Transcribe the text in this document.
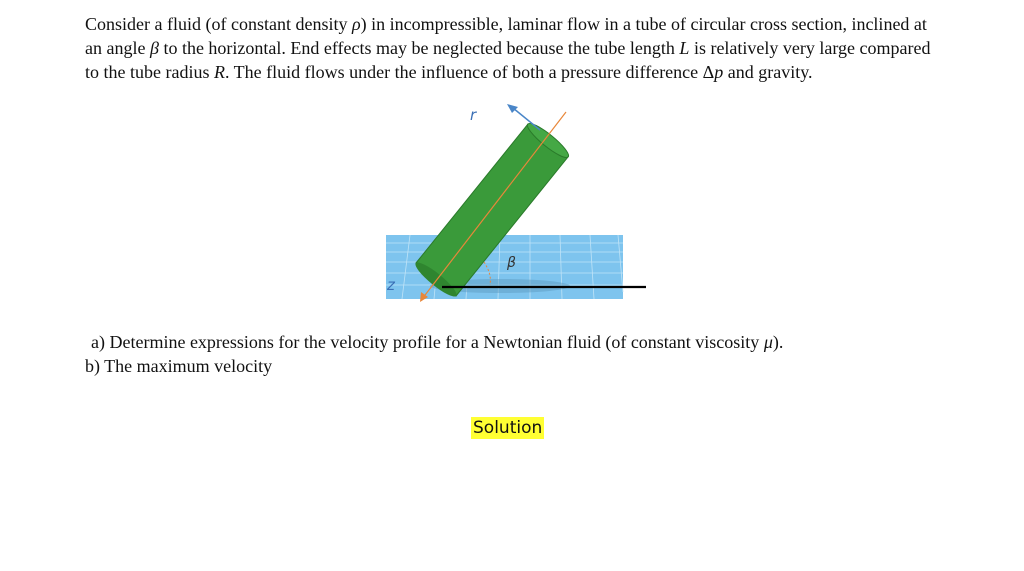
Consider a fluid (of constant density ρ) in incompressible, laminar flow in a tube of circular cross section, inclined at an angle β to the horizontal. End effects may be neglected because the tube length L is relatively very large compared to the tube radius R. The fluid flows under the influence of both a pressure difference Δp and gravity.
r
z
β
a) Determine expressions for the velocity profile for a Newtonian fluid (of constant viscosity μ).
b) The maximum velocity
Solution
